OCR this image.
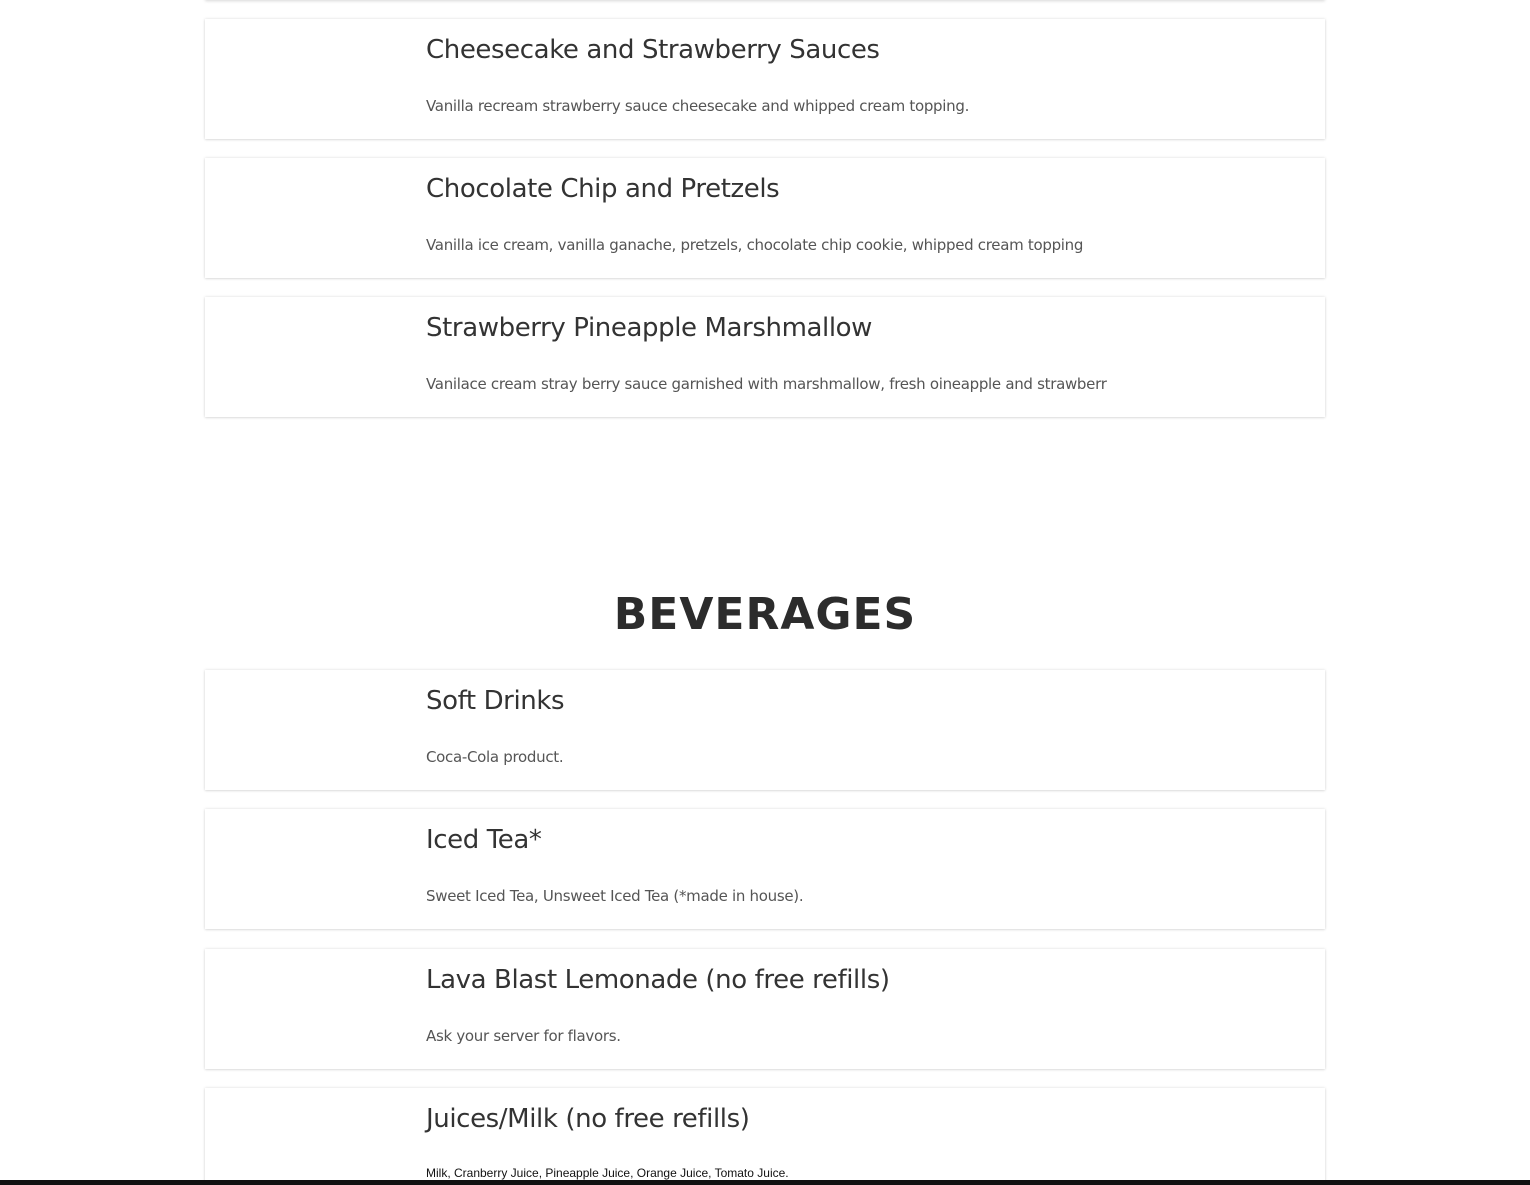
Cheesecake and Strawberry Sauces

Vanilla recream strawberry sauce cheesecake and whipped cream topping.

Chocolate Chip and Pretzels

Vanilla ice cream, vanilla ganache, pretzels, chocolate chip cookie, whipped cream topping

Strawberry Pineapple Marshmallow

Vanilace cream stray berry sauce garnished with marshmallow, fresh oineapple and strawberr

BEVERAGES
Soft Drinks

Coca-Cola product.

Iced Tea*

Sweet Iced Tea, Unsweet Iced Tea (*made in house).

Lava Blast Lemonade (no free refills)

Ask your server for flavors.

Juices/Milk (no free refills)

Milk, Cranberry Juice, Pineapple Juice, Orange Juice, Tomato Juice.
